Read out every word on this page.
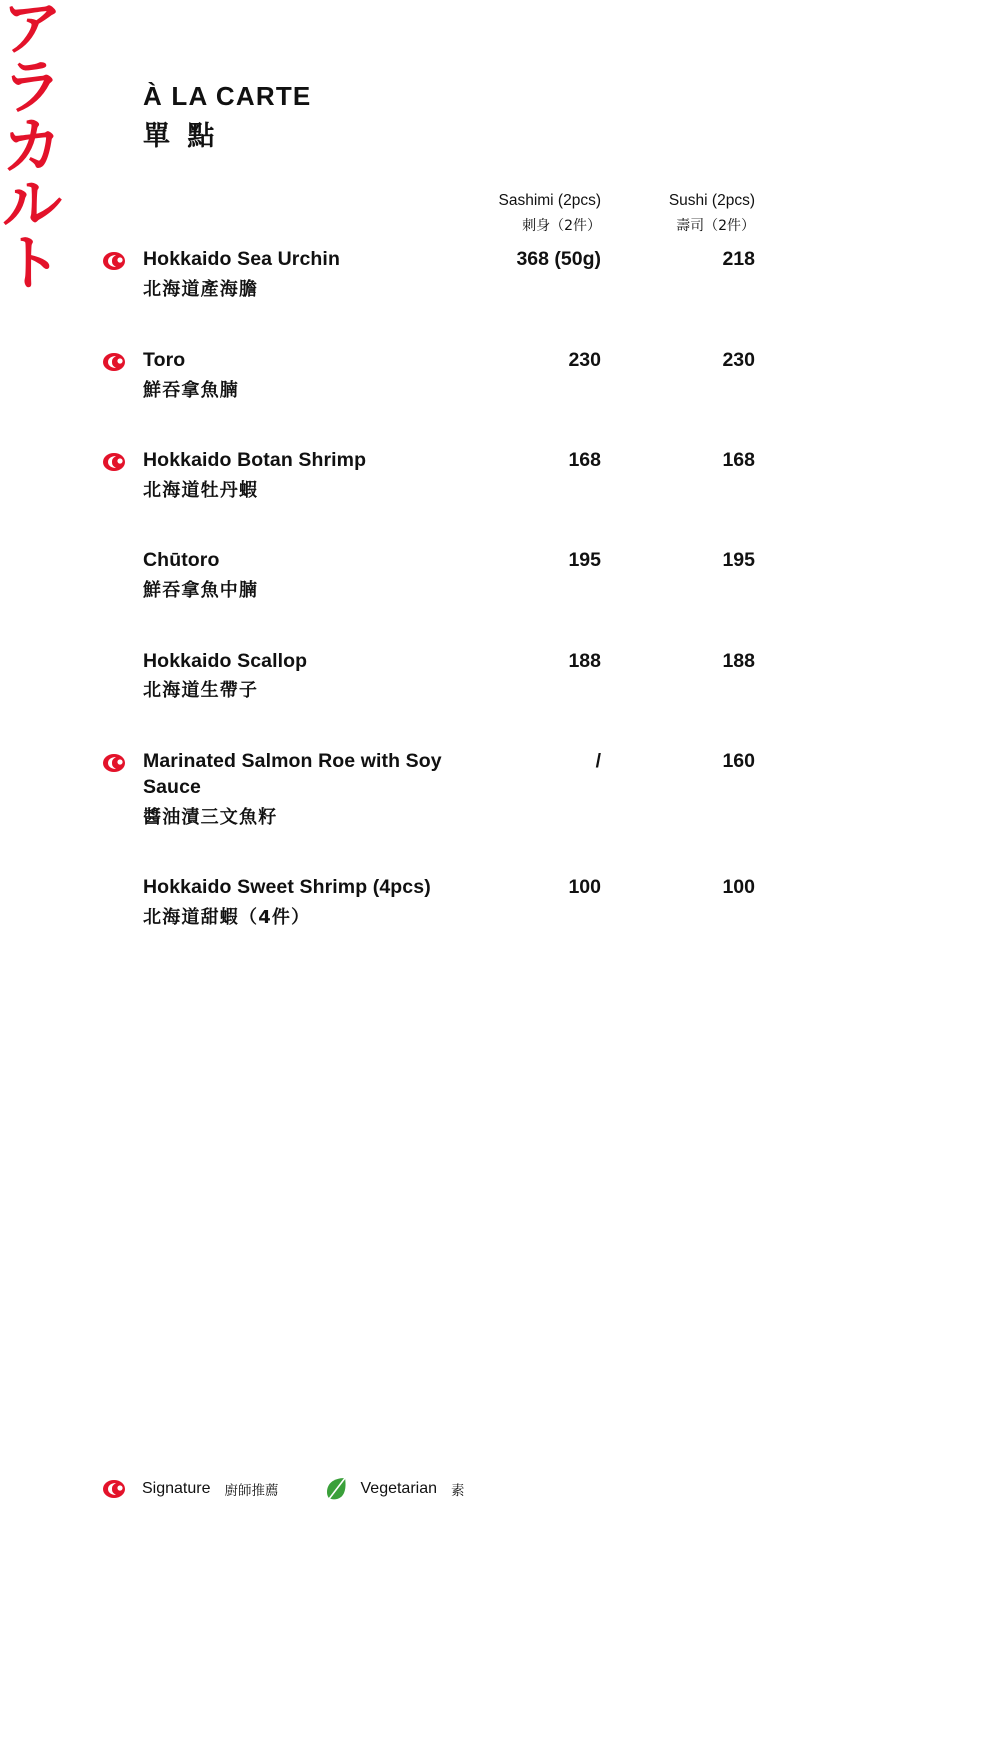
ア
ラ
カ
ル
ト
À LA CARTE
單 點
Sashimi (2pcs)
刺身（2件）
Sushi (2pcs)
壽司（2件）
Hokkaido Sea Urchin
北海道產海膽
368 (50g)	218
Toro
鮮吞拿魚腩
230	230
Hokkaido Botan Shrimp
北海道牡丹蝦
168	168
Chūtoro
鮮吞拿魚中腩
195	195
Hokkaido Scallop
北海道生帶子
188	188
Marinated Salmon Roe with Soy Sauce
醬油漬三文魚籽
/	160
Hokkaido Sweet Shrimp (4pcs)
北海道甜蝦（4件）
100	100
Signature 廚師推薦	Vegetarian 素
